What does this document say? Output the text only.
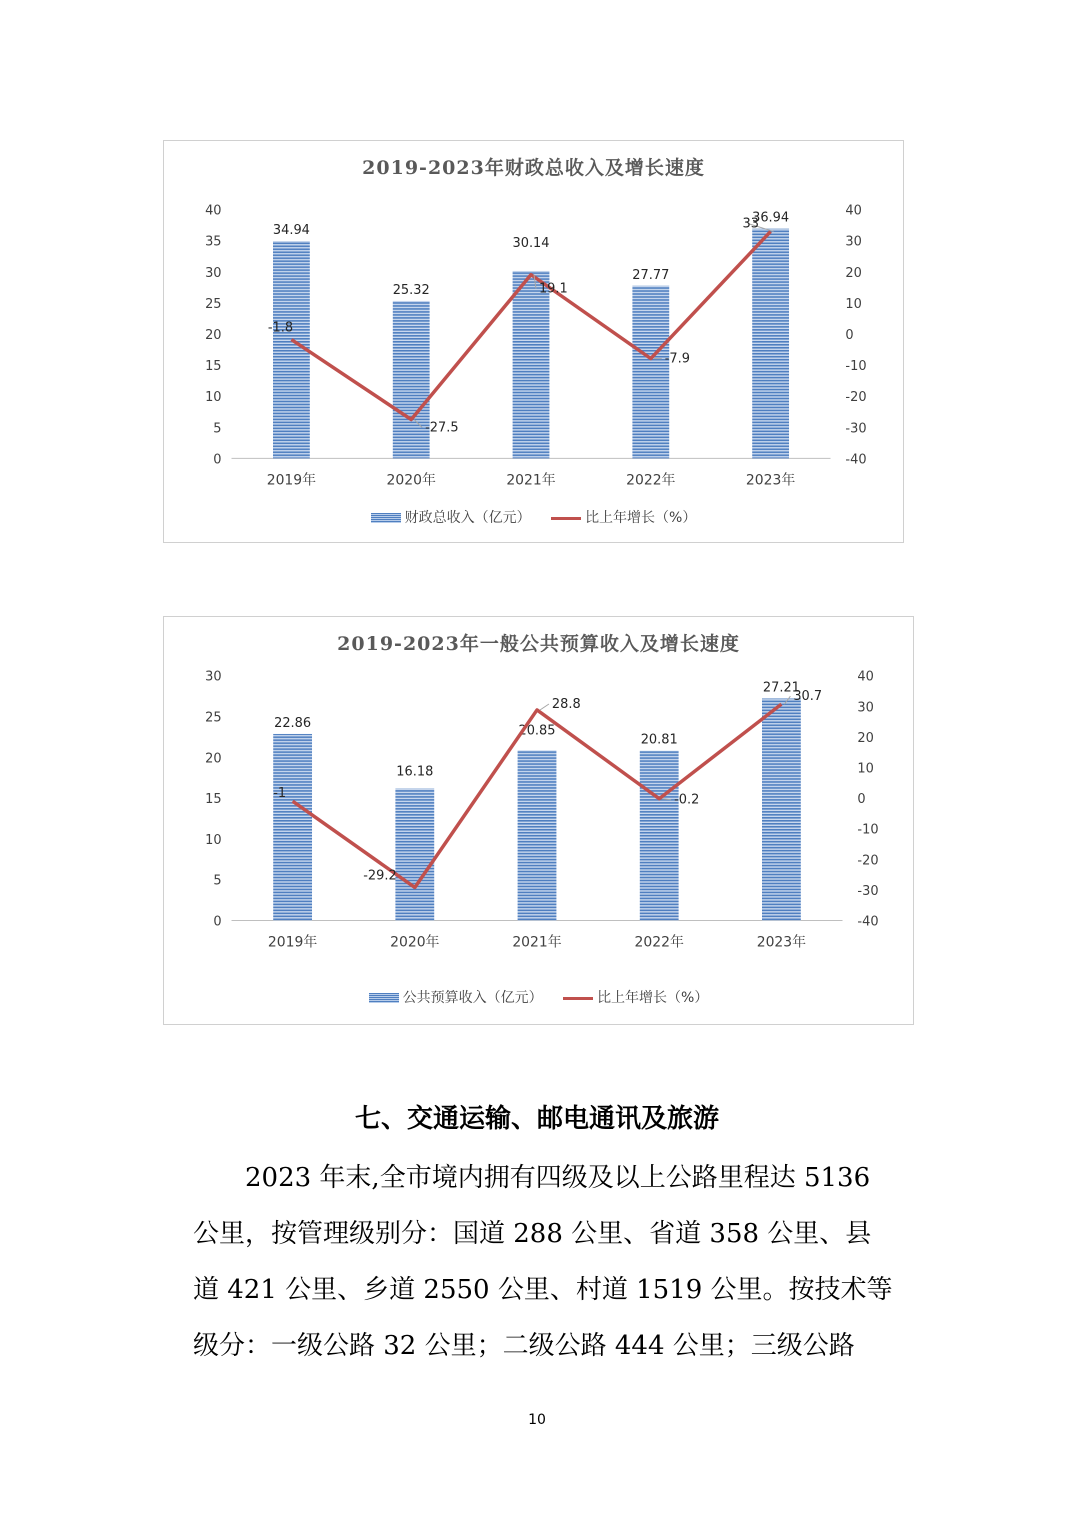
0
5
10
15
20
25
30
35
40
-40
-30
-20
-10
0
10
20
30
40
2019年	2020年	2021年	2022年	2023年
34.94
25.32
30.14
27.77
36.94
-1.8
-27.5
19.1
-7.9
33
2019-2023年财政总收入及增长速度
财政总收入（亿元）	比上年增长（%）
0
5
10
15
20
25
30
-40
-30
-20
-10
0
10
20
30
40
2019年	2020年	2021年	2022年	2023年
22.86
16.18
20.85
20.81
27.21
-1
-29.2
28.8
-0.2
30.7
2019-2023年一般公共预算收入及增长速度
公共预算收入（亿元）	比上年增长（%）
七、交通运输、邮电通讯及旅游

　　2023 年末,全市境内拥有四级及以上公路里程达 5136

公里，按管理级别分：国道 288 公里、省道 358 公里、县

道 421 公里、乡道 2550 公里、村道 1519 公里。按技术等

级分：一级公路 32 公里；二级公路 444 公里；三级公路

10
